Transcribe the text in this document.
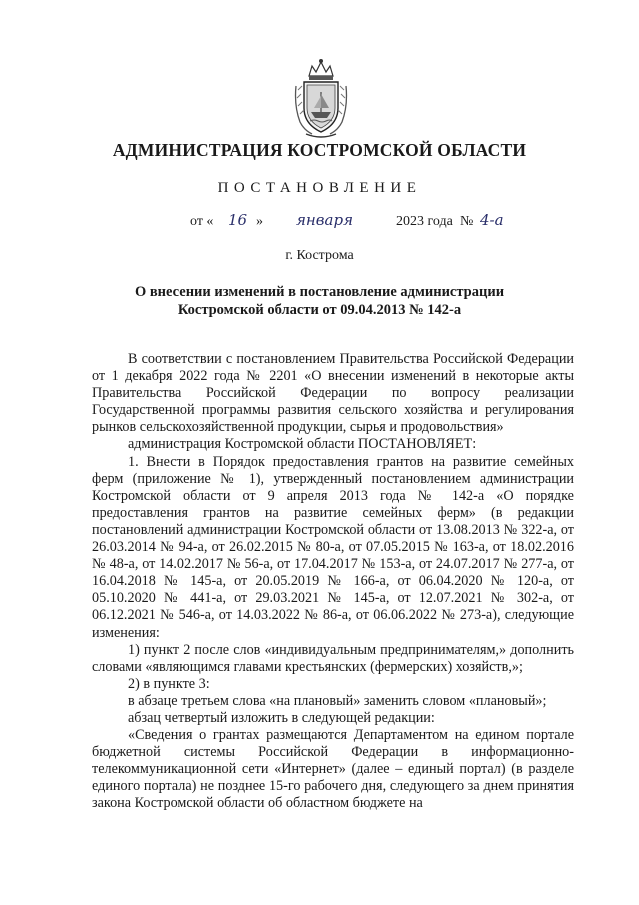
АДМИНИСТРАЦИЯ КОСТРОМСКОЙ ОБЛАСТИ
ПОСТАНОВЛЕНИЕ
от « 16 » января	2023 года № 4-а
г. Кострома
О внесении изменений в постановление администрации
Костромской области от 09.04.2013 № 142-а

В соответствии с постановлением Правительства Российской Федерации от 1 декабря 2022 года № 2201 «О внесении изменений в некоторые акты Правительства Российской Федерации по вопросу реализации Государственной программы развития сельского хозяйства и регулирования рынков сельскохозяйственной продукции, сырья и продовольствия»

администрация Костромской области ПОСТАНОВЛЯЕТ:

1. Внести в Порядок предоставления грантов на развитие семейных ферм (приложение № 1), утвержденный постановлением администрации Костромской области от 9 апреля 2013 года № 142-а «О порядке предоставления грантов на развитие семейных ферм» (в редакции постановлений администрации Костромской области от 13.08.2013 № 322-а, от 26.03.2014 № 94-а, от 26.02.2015 № 80-а, от 07.05.2015 № 163-а, от 18.02.2016 № 48-а, от 14.02.2017 № 56-а, от 17.04.2017 № 153-а, от 24.07.2017 № 277-а, от 16.04.2018 № 145-а, от 20.05.2019 № 166-а, от 06.04.2020 № 120-а, от 05.10.2020 № 441-а, от 29.03.2021 № 145-а, от 12.07.2021 № 302-а, от 06.12.2021 № 546-а, от 14.03.2022 № 86-а, от 06.06.2022 № 273-а), следующие изменения:

1) пункт 2 после слов «индивидуальным предпринимателям,» дополнить словами «являющимся главами крестьянских (фермерских) хозяйств,»;

2) в пункте 3:

в абзаце третьем слова «на плановый» заменить словом «плановый»;

абзац четвертый изложить в следующей редакции:

«Сведения о грантах размещаются Департаментом на едином портале бюджетной системы Российской Федерации в информационно-телекоммуникационной сети «Интернет» (далее – единый портал) (в разделе единого портала) не позднее 15-го рабочего дня, следующего за днем принятия закона Костромской области об областном бюджете на
